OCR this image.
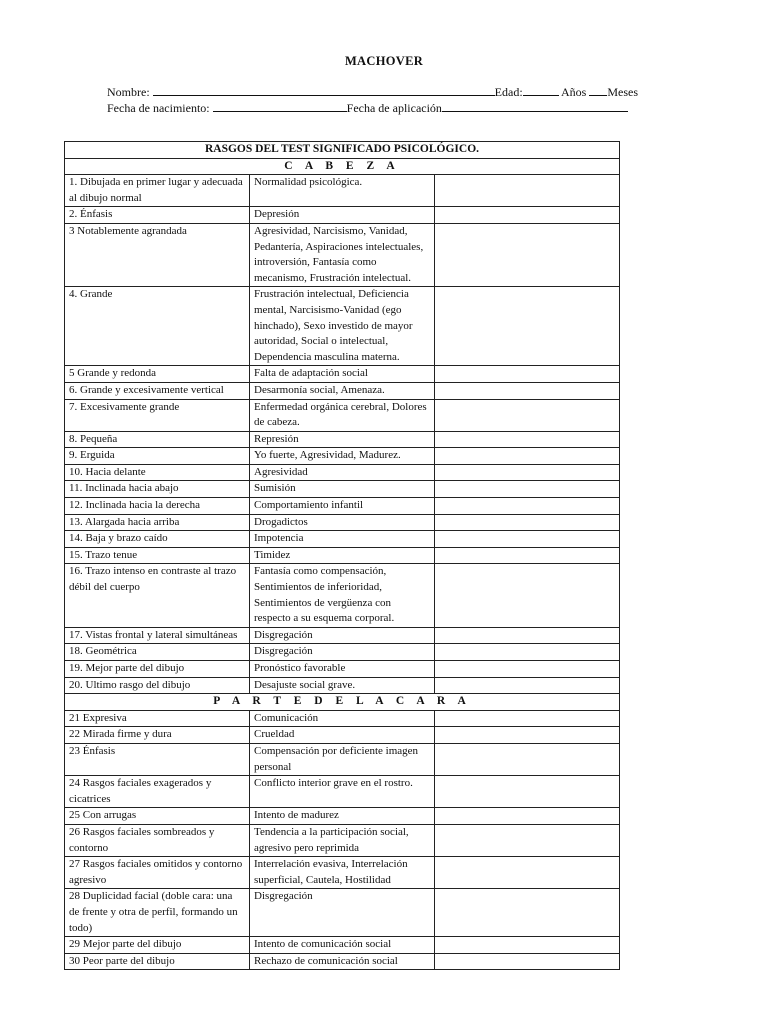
MACHOVER
Nombre:	Edad:	Años Meses
Fecha de nacimiento:	Fecha de aplicación
RASGOS DEL TEST SIGNIFICADO PSICOLÓGICO.		
C A B E Z A		
1. Dibujada en primer lugar y adecuada al dibujo normal	Normalidad psicológica.	
2. Énfasis	Depresión	
3 Notablemente agrandada	Agresividad, Narcisismo, Vanidad, Pedantería, Aspiraciones intelectuales, introversión, Fantasía como mecanismo, Frustración intelectual.	
4. Grande	Frustración intelectual, Deficiencia mental, Narcisismo-Vanidad (ego hinchado), Sexo investido de mayor autoridad, Social o intelectual, Dependencia masculina materna.	
5 Grande y redonda	Falta de adaptación social	
6. Grande y excesivamente vertical	Desarmonía social, Amenaza.	
7. Excesivamente grande	Enfermedad orgánica cerebral, Dolores de cabeza.	
8. Pequeña	Represión	
9. Erguida	Yo fuerte, Agresividad, Madurez.	
10. Hacia delante	Agresividad	
11. Inclinada hacia abajo	Sumisión	
12. Inclinada hacia la derecha	Comportamiento infantil	
13. Alargada hacia arriba	Drogadictos	
14. Baja y brazo caído	Impotencia	
15. Trazo tenue	Timidez	
16. Trazo intenso en contraste al trazo débil del cuerpo	Fantasía como compensación, Sentimientos de inferioridad, Sentimientos de vergüenza con respecto a su esquema corporal.	
17. Vistas frontal y lateral simultáneas	Disgregación	
18. Geométrica	Disgregación	
19. Mejor parte del dibujo	Pronóstico favorable	
20. Ultimo rasgo del dibujo	Desajuste social grave.	
P A R T E D E L A C A R A		
21 Expresiva	Comunicación	
22 Mirada firme y dura	Crueldad	
23 Énfasis	Compensación por deficiente imagen personal	
24 Rasgos faciales exagerados y cicatrices	Conflicto interior grave en el rostro.	
25 Con arrugas	Intento de madurez	
26 Rasgos faciales sombreados y contorno	Tendencia a la participación social, agresivo pero reprimida	
27 Rasgos faciales omitidos y contorno agresivo	Interrelación evasiva, Interrelación superficial, Cautela, Hostilidad	
28 Duplicidad facial (doble cara: una de frente y otra de perfil, formando un todo)	Disgregación	
29 Mejor parte del dibujo	Intento de comunicación social	
30 Peor parte del dibujo	Rechazo de comunicación social	
